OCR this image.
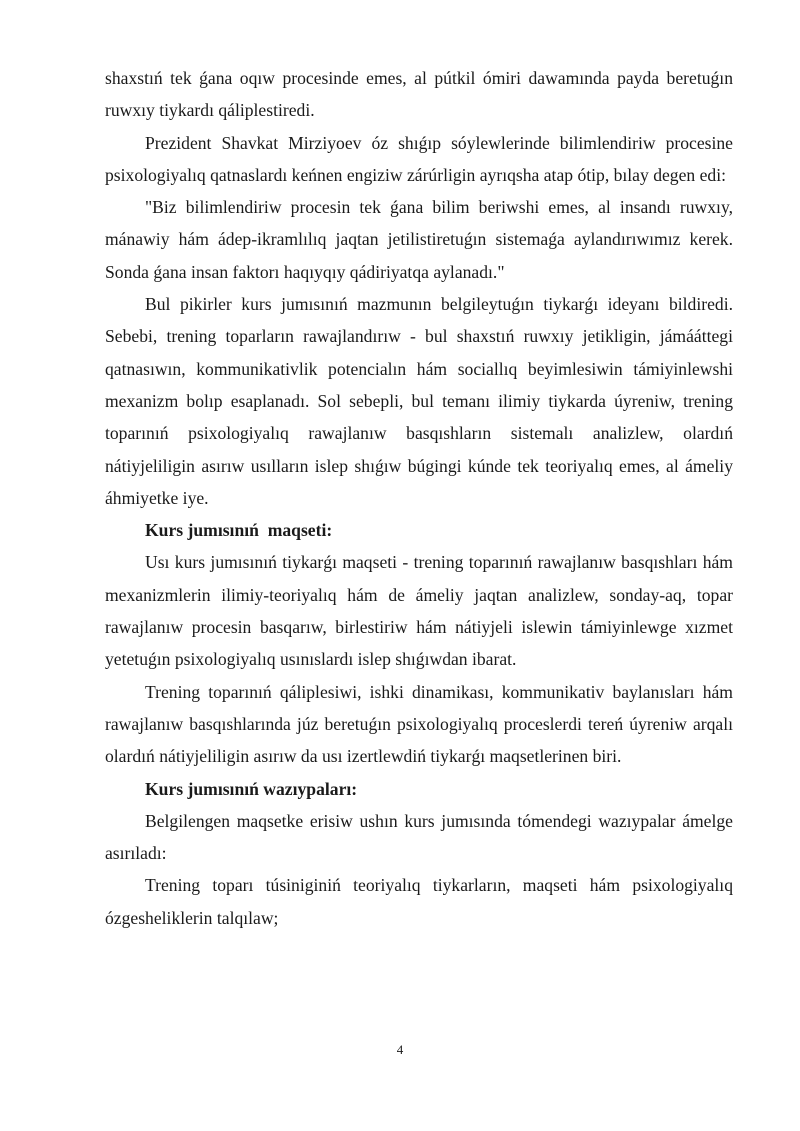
shaxstıń tek ǵana oqıw procesinde emes, al pútkil ómiri dawamında payda beretuǵın ruwxıy tiykardı qáliplestiredi.

Prezident Shavkat Mirziyoev óz shıǵıp sóylewlerinde bilimlendiriw procesine psixologiyalıq qatnaslardı keńnen engiziw zárúrligin ayrıqsha atap ótip, bılay degen edi:

"Biz bilimlendiriw procesin tek ǵana bilim beriwshi emes, al insandı ruwxıy, mánawiy hám ádep-ikramlılıq jaqtan jetilistiretuǵın sistemaǵa aylandırıwımız kerek. Sonda ǵana insan faktorı haqıyqıy qádiriyatqa aylanadı."

Bul pikirler kurs jumısınıń mazmunın belgileytuǵın tiykarǵı ideyanı bildiredi. Sebebi, trening toparların rawajlandırıw - bul shaxstıń ruwxıy jetikligin, jámááttegi qatnasıwın, kommunikativlik potencialın hám sociallıq beyimlesiwin támiyinlewshi mexanizm bolıp esaplanadı. Sol sebepli, bul temanı ilimiy tiykarda úyreniw, trening toparınıń psixologiyalıq rawajlanıw basqıshların sistemalı analizlew, olardıń nátiyjeliligin asırıw usılların islep shıǵıw búgingi kúnde tek teoriyalıq emes, al ámeliy áhmiyetke iye.

Kurs jumısınıń  maqseti:

Usı kurs jumısınıń tiykarǵı maqseti - trening toparınıń rawajlanıw basqıshları hám mexanizmlerin ilimiy-teoriyalıq hám de ámeliy jaqtan analizlew, sonday-aq, topar rawajlanıw procesin basqarıw, birlestiriw hám nátiyjeli islewin támiyinlewge xızmet yetetuǵın psixologiyalıq usınıslardı islep shıǵıwdan ibarat.

Trening toparınıń qáliplesiwi, ishki dinamikası, kommunikativ baylanısları hám rawajlanıw basqıshlarında júz beretuǵın psixologiyalıq proceslerdi tereń úyreniw arqalı olardıń nátiyjeliligin asırıw da usı izertlewdiń tiykarǵı maqsetlerinen biri.

Kurs jumısınıń wazıypaları:

Belgilengen maqsetke erisiw ushın kurs jumısında tómendegi wazıypalar ámelge asırıladı:

Trening toparı túsiniginiń teoriyalıq tiykarların, maqseti hám psixologiyalıq ózgesheliklerin talqılaw;

4
